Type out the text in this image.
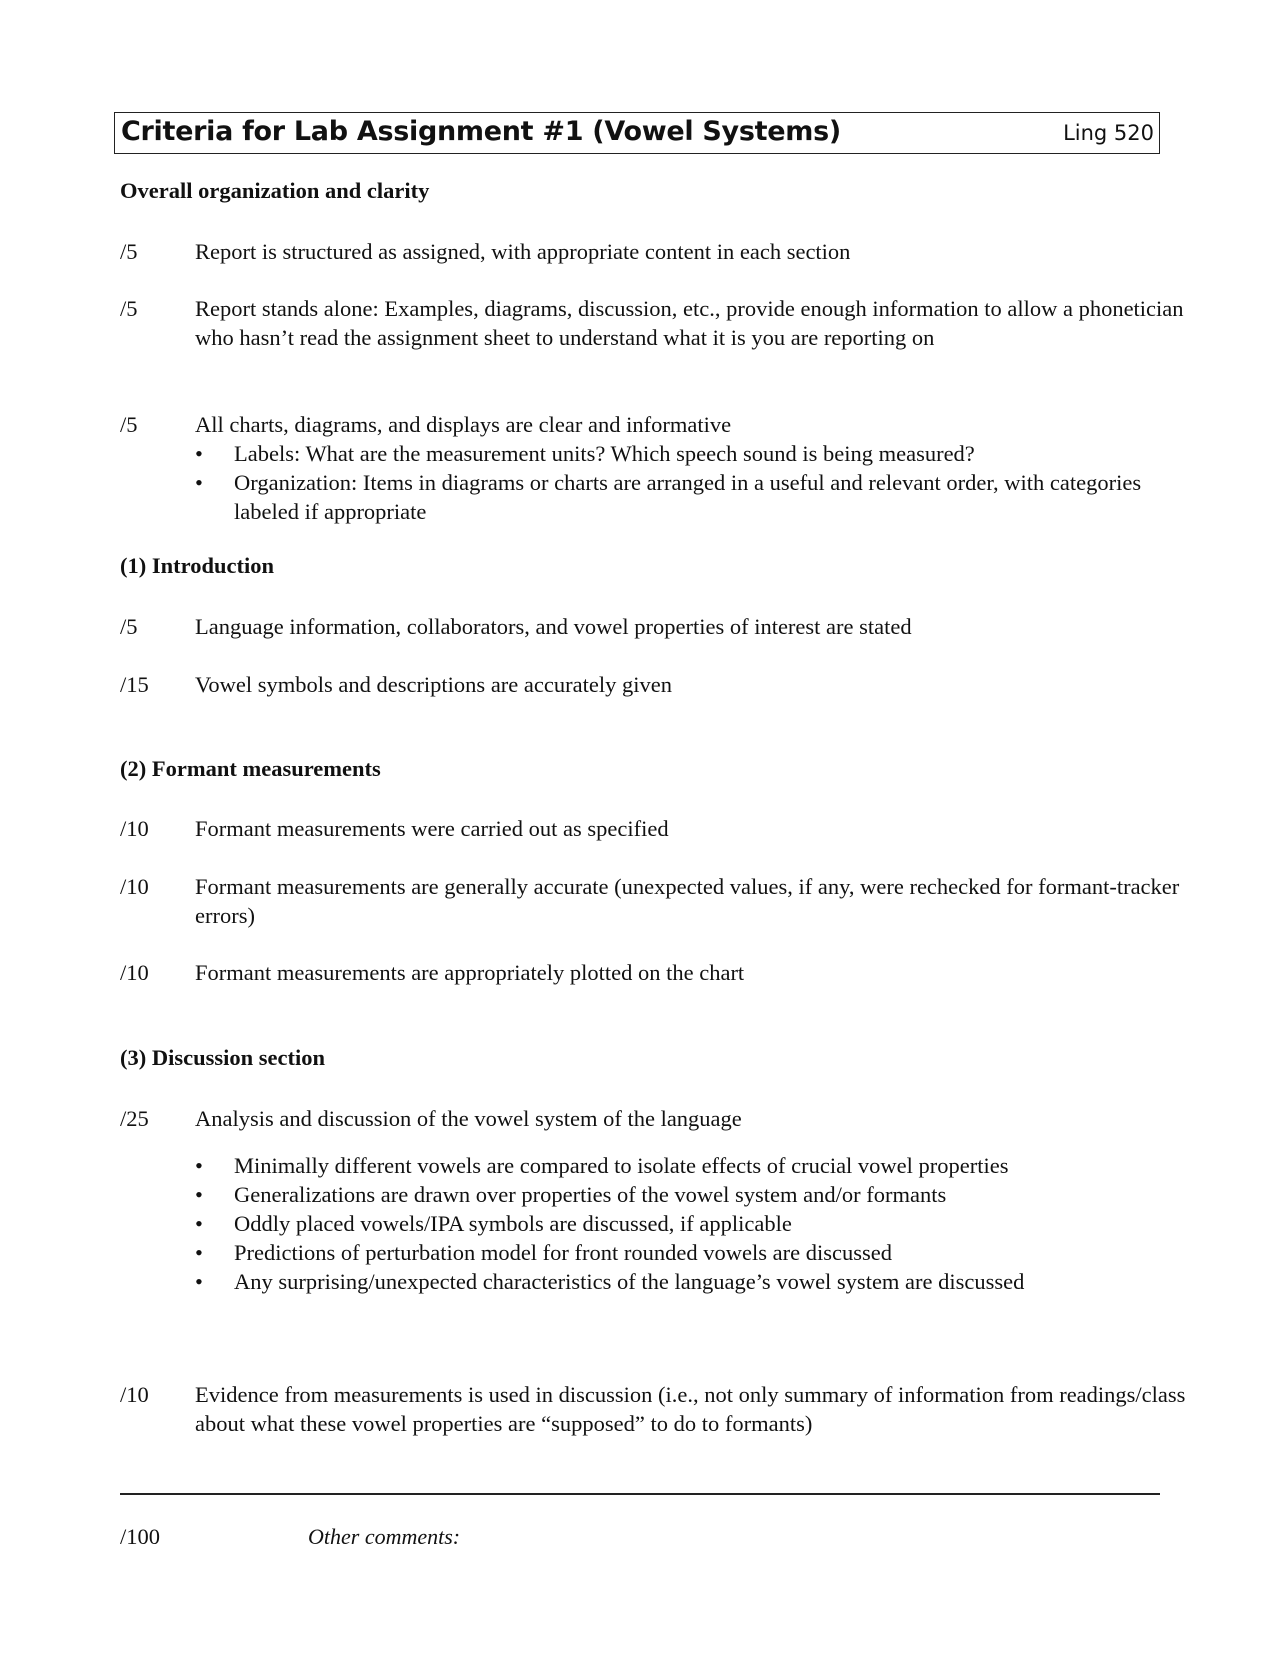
Criteria for Lab Assignment #1 (Vowel Systems)	Ling 520
Overall organization and clarity
/5	Report is structured as assigned, with appropriate content in each section
/5	Report stands alone: Examples, diagrams, discussion, etc., provide enough information to allow a phonetician who hasn’t read the assignment sheet to understand what it is you are reporting on
/5	All charts, diagrams, and displays are clear and informative
• Labels: What are the measurement units? Which speech sound is being measured?
• Organization: Items in diagrams or charts are arranged in a useful and relevant order, with categories labeled if appropriate
(1) Introduction
/5	Language information, collaborators, and vowel properties of interest are stated
/15	Vowel symbols and descriptions are accurately given
(2) Formant measurements
/10	Formant measurements were carried out as specified
/10	Formant measurements are generally accurate (unexpected values, if any, were rechecked for formant-tracker errors)
/10	Formant measurements are appropriately plotted on the chart
(3) Discussion section
/25	Analysis and discussion of the vowel system of the language
• Minimally different vowels are compared to isolate effects of crucial vowel properties
• Generalizations are drawn over properties of the vowel system and/or formants
• Oddly placed vowels/IPA symbols are discussed, if applicable
• Predictions of perturbation model for front rounded vowels are discussed
• Any surprising/unexpected characteristics of the language’s vowel system are discussed
/10	Evidence from measurements is used in discussion (i.e., not only summary of information from readings/class about what these vowel properties are “supposed” to do to formants)
/100	Other comments:
